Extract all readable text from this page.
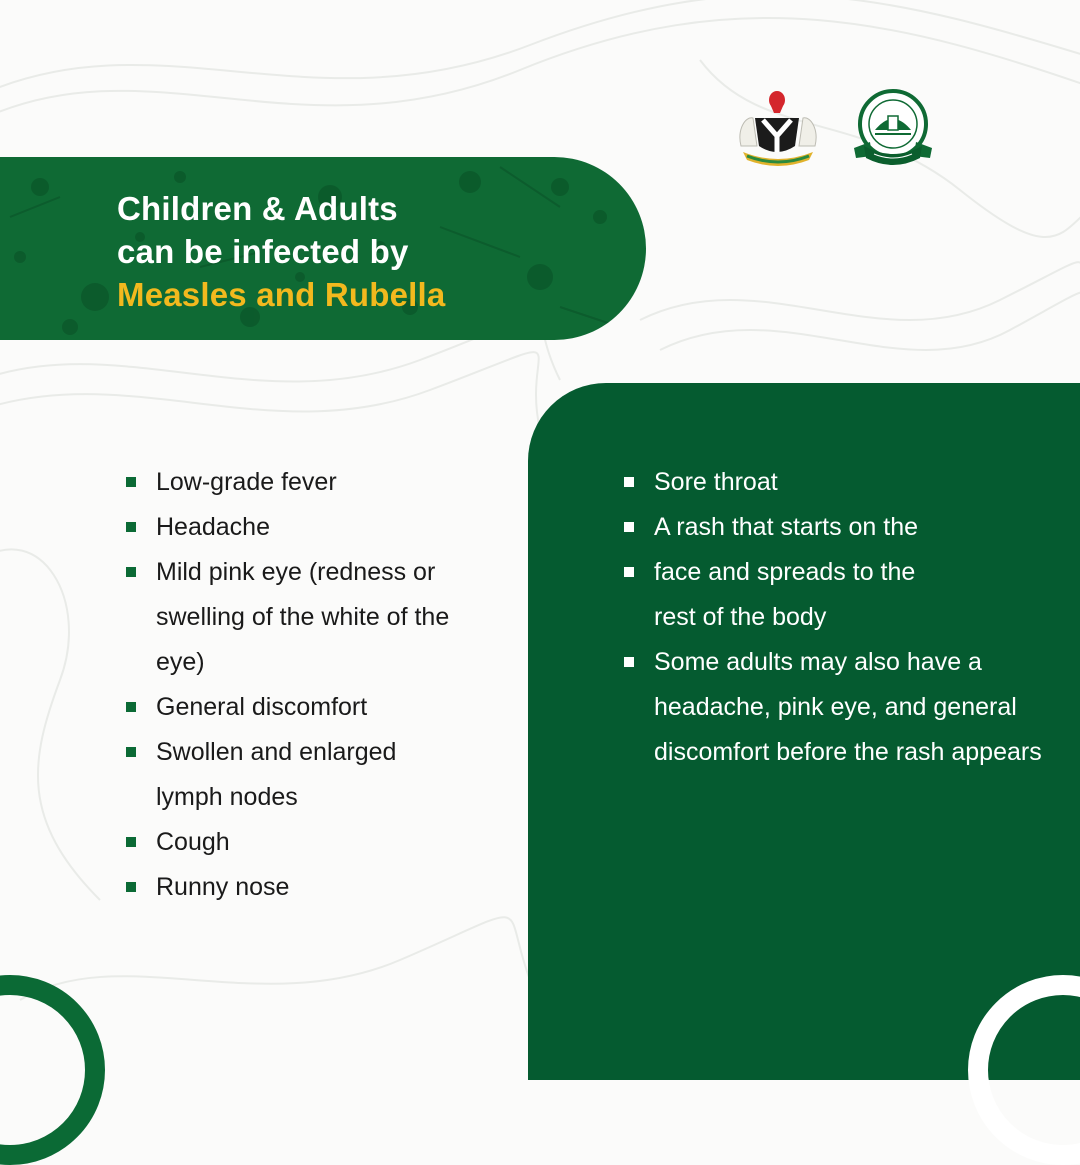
Children & Adults
can be infected by
Measles and Rubella
Low-grade fever
Headache
Mild pink eye (redness or swelling of the white of the eye)
General discomfort
Swollen and enlarged lymph nodes
Cough
Runny nose
Sore throat
A rash that starts on the
face and spreads to the rest of the body
Some adults may also have a headache, pink eye, and general discomfort before the rash appears
